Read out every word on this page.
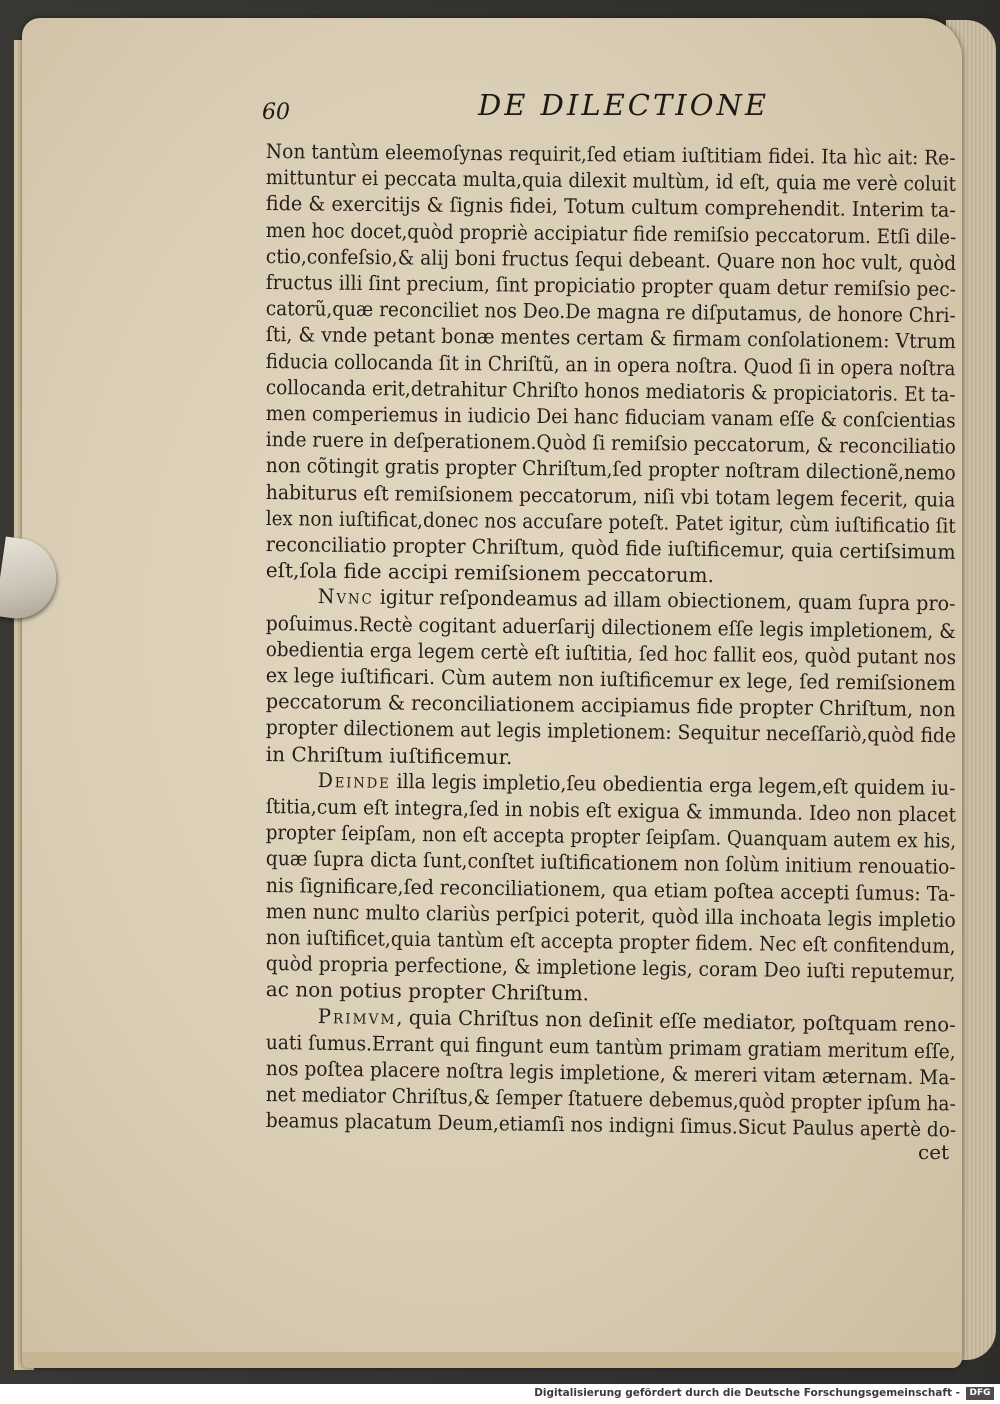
60	DE DILECTIONE
Non tantùm eleemoſynas requirit,ſed etiam iuſtitiam fidei. Ita hìc ait: Re-
mittuntur ei peccata multa,quia dilexit multùm, id eſt, quia me verè coluit
fide & exercitijs & ſignis fidei, Totum cultum comprehendit. Interim ta-
men hoc docet,quòd propriè accipiatur fide remiſsio peccatorum. Etſi dile-
ctio,confeſsio,& alij boni fructus ſequi debeant. Quare non hoc vult, quòd
fructus illi ſint precium, ſint propiciatio propter quam detur remiſsio pec-
catorũ,quæ reconciliet nos Deo.De magna re diſputamus, de honore Chri-
ſti, & vnde petant bonæ mentes certam & firmam conſolationem: Vtrum
fiducia collocanda ſit in Chriſtũ, an in opera noſtra. Quod ſi in opera noſtra
collocanda erit,detrahitur Chriſto honos mediatoris & propiciatoris. Et ta-
men comperiemus in iudicio Dei hanc fiduciam vanam eſſe & conſcientias
inde ruere in deſperationem.Quòd ſi remiſsio peccatorum, & reconciliatio
non cõtingit gratis propter Chriſtum,ſed propter noſtram dilectionẽ,nemo
habiturus eſt remiſsionem peccatorum, niſi vbi totam legem fecerit, quia
lex non iuſtificat,donec nos accuſare poteſt. Patet igitur, cùm iuſtificatio ſit
reconciliatio propter Chriſtum, quòd fide iuſtificemur, quia certiſsimum
eſt,ſola fide accipi remiſsionem peccatorum.
Nvnc igitur reſpondeamus ad illam obiectionem, quam ſupra pro-
poſuimus.Rectè cogitant aduerſarij dilectionem eſſe legis impletionem, &
obedientia erga legem certè eſt iuſtitia, ſed hoc fallit eos, quòd putant nos
ex lege iuſtificari. Cùm autem non iuſtificemur ex lege, ſed remiſsionem
peccatorum & reconciliationem accipiamus fide propter Chriſtum, non
propter dilectionem aut legis impletionem: Sequitur neceſſariò,quòd fide
in Chriſtum iuſtificemur.
Deinde illa legis impletio,ſeu obedientia erga legem,eſt quidem iu-
ſtitia,cum eſt integra,ſed in nobis eſt exigua & immunda. Ideo non placet
propter ſeipſam, non eſt accepta propter ſeipſam. Quanquam autem ex his,
quæ ſupra dicta ſunt,conſtet iuſtificationem non ſolùm initium renouatio-
nis ſignificare,ſed reconciliationem, qua etiam poſtea accepti ſumus: Ta-
men nunc multo clariùs perſpici poterit, quòd illa inchoata legis impletio
non iuſtificet,quia tantùm eſt accepta propter fidem. Nec eſt confitendum,
quòd propria perfectione, & impletione legis, coram Deo iuſti reputemur,
ac non potius propter Chriſtum.
Primvm, quia Chriſtus non deſinit eſſe mediator, poſtquam reno-
uati ſumus.Errant qui fingunt eum tantùm primam gratiam meritum eſſe,
nos poſtea placere noſtra legis impletione, & mereri vitam æternam. Ma-
net mediator Chriſtus,& ſemper ſtatuere debemus,quòd propter ipſum ha-
beamus placatum Deum,etiamſi nos indigni ſimus.Sicut Paulus apertè do-
cet
Digitalisierung gefördert durch die Deutsche Forschungsgemeinschaft -	DFG
